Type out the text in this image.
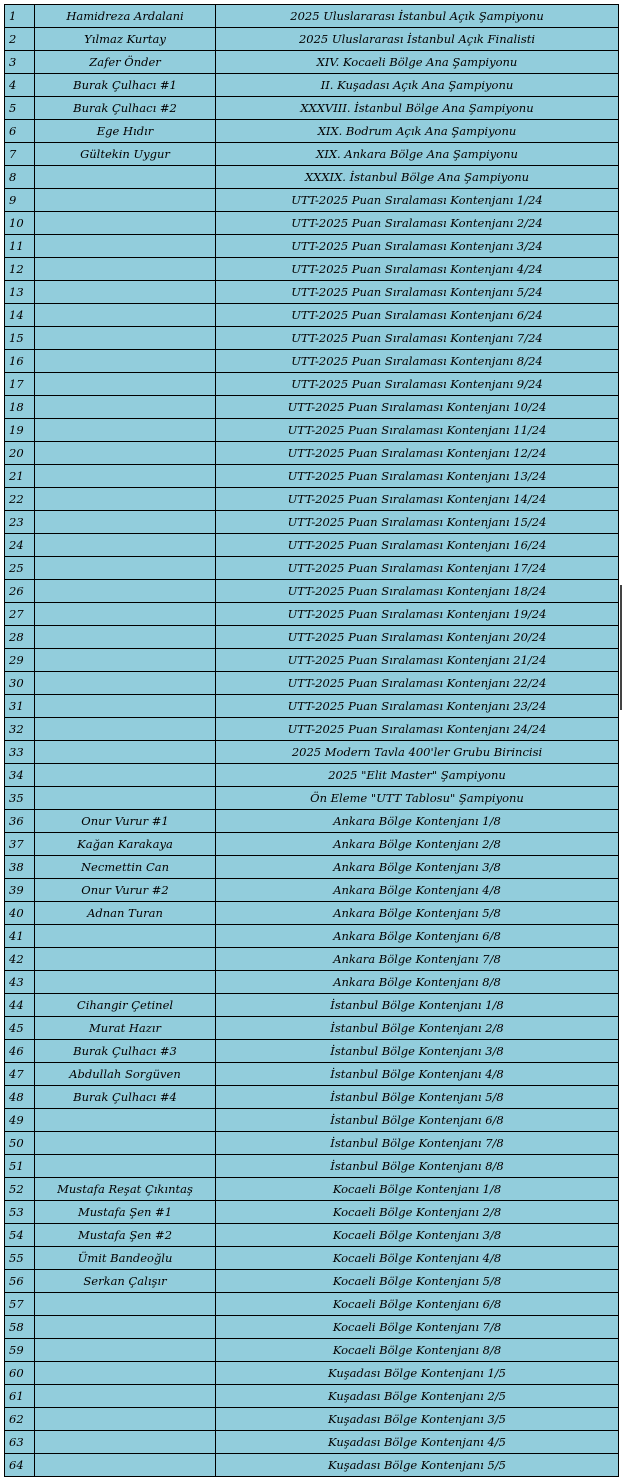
1	Hamidreza Ardalani	2025 Uluslararası İstanbul Açık Şampiyonu
2	Yılmaz Kurtay	2025 Uluslararası İstanbul Açık Finalisti
3	Zafer Önder	XIV. Kocaeli Bölge Ana Şampiyonu
4	Burak Çulhacı #1	II. Kuşadası Açık Ana Şampiyonu
5	Burak Çulhacı #2	XXXVIII. İstanbul Bölge Ana Şampiyonu
6	Ege Hıdır	XIX. Bodrum Açık Ana Şampiyonu
7	Gültekin Uygur	XIX. Ankara Bölge Ana Şampiyonu
8		XXXIX. İstanbul Bölge Ana Şampiyonu
9		UTT-2025 Puan Sıralaması Kontenjanı 1/24
10		UTT-2025 Puan Sıralaması Kontenjanı 2/24
11		UTT-2025 Puan Sıralaması Kontenjanı 3/24
12		UTT-2025 Puan Sıralaması Kontenjanı 4/24
13		UTT-2025 Puan Sıralaması Kontenjanı 5/24
14		UTT-2025 Puan Sıralaması Kontenjanı 6/24
15		UTT-2025 Puan Sıralaması Kontenjanı 7/24
16		UTT-2025 Puan Sıralaması Kontenjanı 8/24
17		UTT-2025 Puan Sıralaması Kontenjanı 9/24
18		UTT-2025 Puan Sıralaması Kontenjanı 10/24
19		UTT-2025 Puan Sıralaması Kontenjanı 11/24
20		UTT-2025 Puan Sıralaması Kontenjanı 12/24
21		UTT-2025 Puan Sıralaması Kontenjanı 13/24
22		UTT-2025 Puan Sıralaması Kontenjanı 14/24
23		UTT-2025 Puan Sıralaması Kontenjanı 15/24
24		UTT-2025 Puan Sıralaması Kontenjanı 16/24
25		UTT-2025 Puan Sıralaması Kontenjanı 17/24
26		UTT-2025 Puan Sıralaması Kontenjanı 18/24
27		UTT-2025 Puan Sıralaması Kontenjanı 19/24
28		UTT-2025 Puan Sıralaması Kontenjanı 20/24
29		UTT-2025 Puan Sıralaması Kontenjanı 21/24
30		UTT-2025 Puan Sıralaması Kontenjanı 22/24
31		UTT-2025 Puan Sıralaması Kontenjanı 23/24
32		UTT-2025 Puan Sıralaması Kontenjanı 24/24
33		2025 Modern Tavla 400'ler Grubu Birincisi
34		2025 "Elit Master" Şampiyonu
35		Ön Eleme "UTT Tablosu" Şampiyonu
36	Onur Vurur #1	Ankara Bölge Kontenjanı 1/8
37	Kağan Karakaya	Ankara Bölge Kontenjanı 2/8
38	Necmettin Can	Ankara Bölge Kontenjanı 3/8
39	Onur Vurur #2	Ankara Bölge Kontenjanı 4/8
40	Adnan Turan	Ankara Bölge Kontenjanı 5/8
41		Ankara Bölge Kontenjanı 6/8
42		Ankara Bölge Kontenjanı 7/8
43		Ankara Bölge Kontenjanı 8/8
44	Cihangir Çetinel	İstanbul Bölge Kontenjanı 1/8
45	Murat Hazır	İstanbul Bölge Kontenjanı 2/8
46	Burak Çulhacı #3	İstanbul Bölge Kontenjanı 3/8
47	Abdullah Sorgüven	İstanbul Bölge Kontenjanı 4/8
48	Burak Çulhacı #4	İstanbul Bölge Kontenjanı 5/8
49		İstanbul Bölge Kontenjanı 6/8
50		İstanbul Bölge Kontenjanı 7/8
51		İstanbul Bölge Kontenjanı 8/8
52	Mustafa Reşat Çıkıntaş	Kocaeli Bölge Kontenjanı 1/8
53	Mustafa Şen #1	Kocaeli Bölge Kontenjanı 2/8
54	Mustafa Şen #2	Kocaeli Bölge Kontenjanı 3/8
55	Ümit Bandeoğlu	Kocaeli Bölge Kontenjanı 4/8
56	Serkan Çalışır	Kocaeli Bölge Kontenjanı 5/8
57		Kocaeli Bölge Kontenjanı 6/8
58		Kocaeli Bölge Kontenjanı 7/8
59		Kocaeli Bölge Kontenjanı 8/8
60		Kuşadası Bölge Kontenjanı 1/5
61		Kuşadası Bölge Kontenjanı 2/5
62		Kuşadası Bölge Kontenjanı 3/5
63		Kuşadası Bölge Kontenjanı 4/5
64		Kuşadası Bölge Kontenjanı 5/5
